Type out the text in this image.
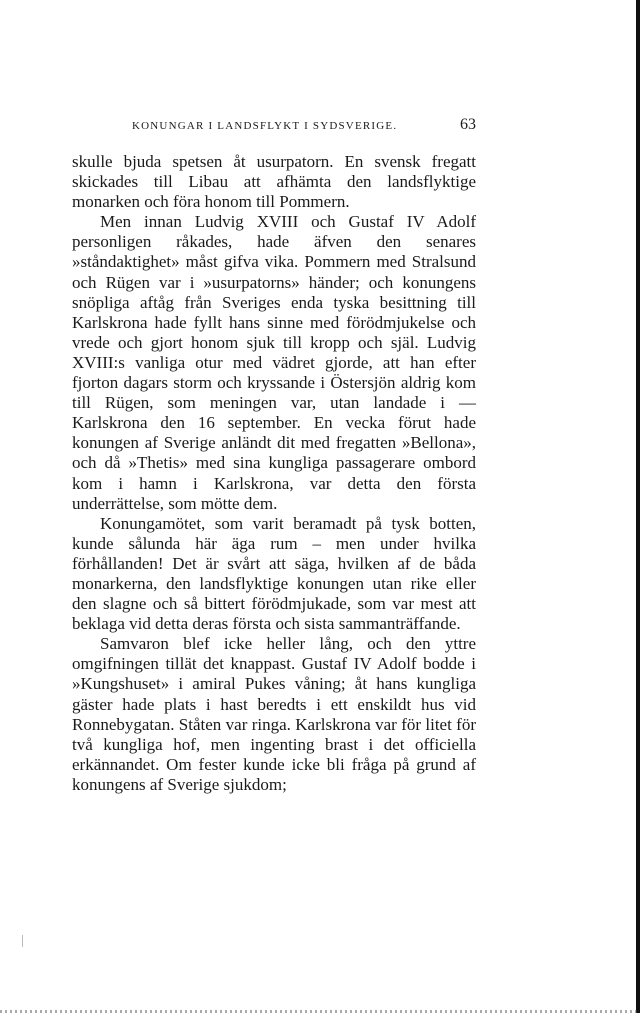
KONUNGAR I LANDSFLYKT I SYDSVERIGE.	63

skulle bjuda spetsen åt usurpatorn. En svensk fregatt skickades till Libau att afhämta den landsflyktige monarken och föra honom till Pommern.

Men innan Ludvig XVIII och Gustaf IV Adolf personligen råkades, hade äfven den senares »ståndaktighet» måst gifva vika. Pommern med Stralsund och Rügen var i »usurpatorns» händer; och konungens snöpliga aftåg från Sveriges enda tyska besittning till Karlskrona hade fyllt hans sinne med förödmjukelse och vrede och gjort honom sjuk till kropp och själ. Ludvig XVIII:s vanliga otur med vädret gjorde, att han efter fjorton dagars storm och kryssande i Östersjön aldrig kom till Rügen, som meningen var, utan landade i — Karlskrona den 16 september. En vecka förut hade konungen af Sverige anländt dit med fregatten »Bellona», och då »Thetis» med sina kungliga passagerare ombord kom i hamn i Karlskrona, var detta den första underrättelse, som mötte dem.

Konungamötet, som varit beramadt på tysk botten, kunde sålunda här äga rum – men under hvilka förhållanden! Det är svårt att säga, hvilken af de båda monarkerna, den landsflyktige konungen utan rike eller den slagne och så bittert förödmjukade, som var mest att beklaga vid detta deras första och sista sammanträffande.

Samvaron blef icke heller lång, och den yttre omgifningen tillät det knappast. Gustaf IV Adolf bodde i »Kungshuset» i amiral Pukes våning; åt hans kungliga gäster hade plats i hast beredts i ett enskildt hus vid Ronnebygatan. Ståten var ringa. Karlskrona var för litet för två kungliga hof, men ingenting brast i det officiella erkännandet. Om fester kunde icke bli fråga på grund af konungens af Sverige sjukdom;
